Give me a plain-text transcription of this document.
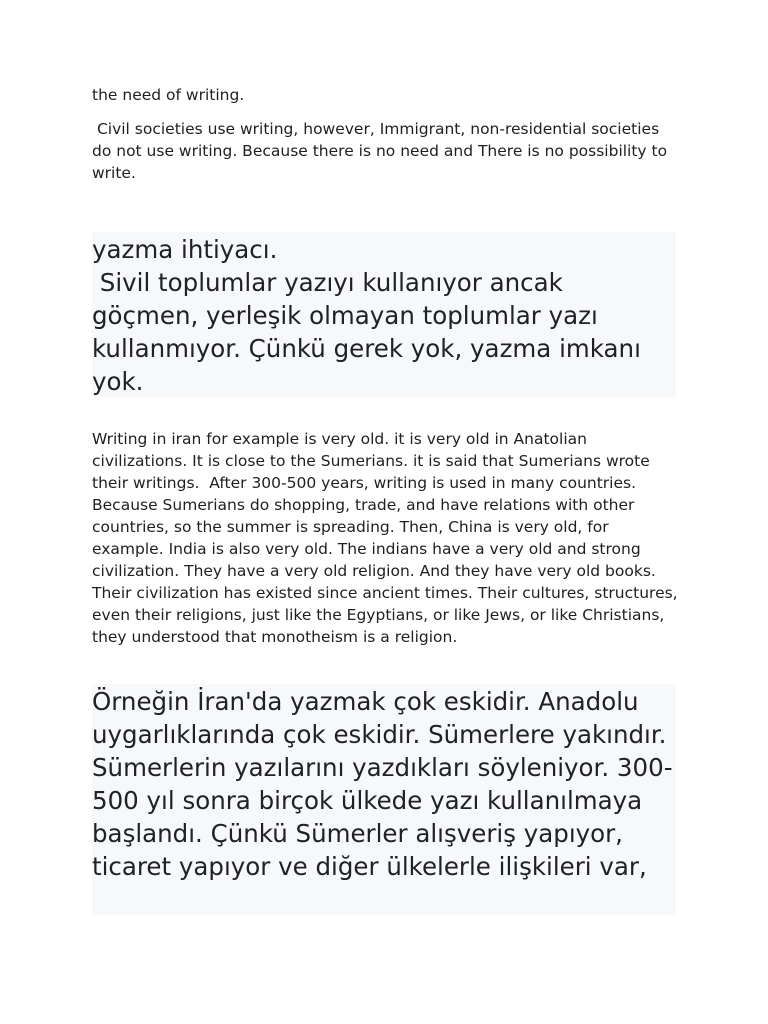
the need of writing.

Civil societies use writing, however, Immigrant, non-residential societies do not use writing. Because there is no need and There is no possibility to write.

yazma ihtiyacı.
Sivil toplumlar yazıyı kullanıyor ancak göçmen, yerleşik olmayan toplumlar yazı kullanmıyor. Çünkü gerek yok, yazma imkanı yok.

Writing in iran for example is very old. it is very old in Anatolian civilizations. It is close to the Sumerians. it is said that Sumerians wrote their writings.  After 300-500 years, writing is used in many countries. Because Sumerians do shopping, trade, and have relations with other countries, so the summer is spreading. Then, China is very old, for example. India is also very old. The indians have a very old and strong civilization. They have a very old religion. And they have very old books. Their civilization has existed since ancient times. Their cultures, structures, even their religions, just like the Egyptians, or like Jews, or like Christians, they understood that monotheism is a religion.

Örneğin İran'da yazmak çok eskidir. Anadolu uygarlıklarında çok eskidir. Sümerlere yakındır. Sümerlerin yazılarını yazdıkları söyleniyor. 300-500 yıl sonra birçok ülkede yazı kullanılmaya başlandı. Çünkü Sümerler alışveriş yapıyor, ticaret yapıyor ve diğer ülkelerle ilişkileri var,
